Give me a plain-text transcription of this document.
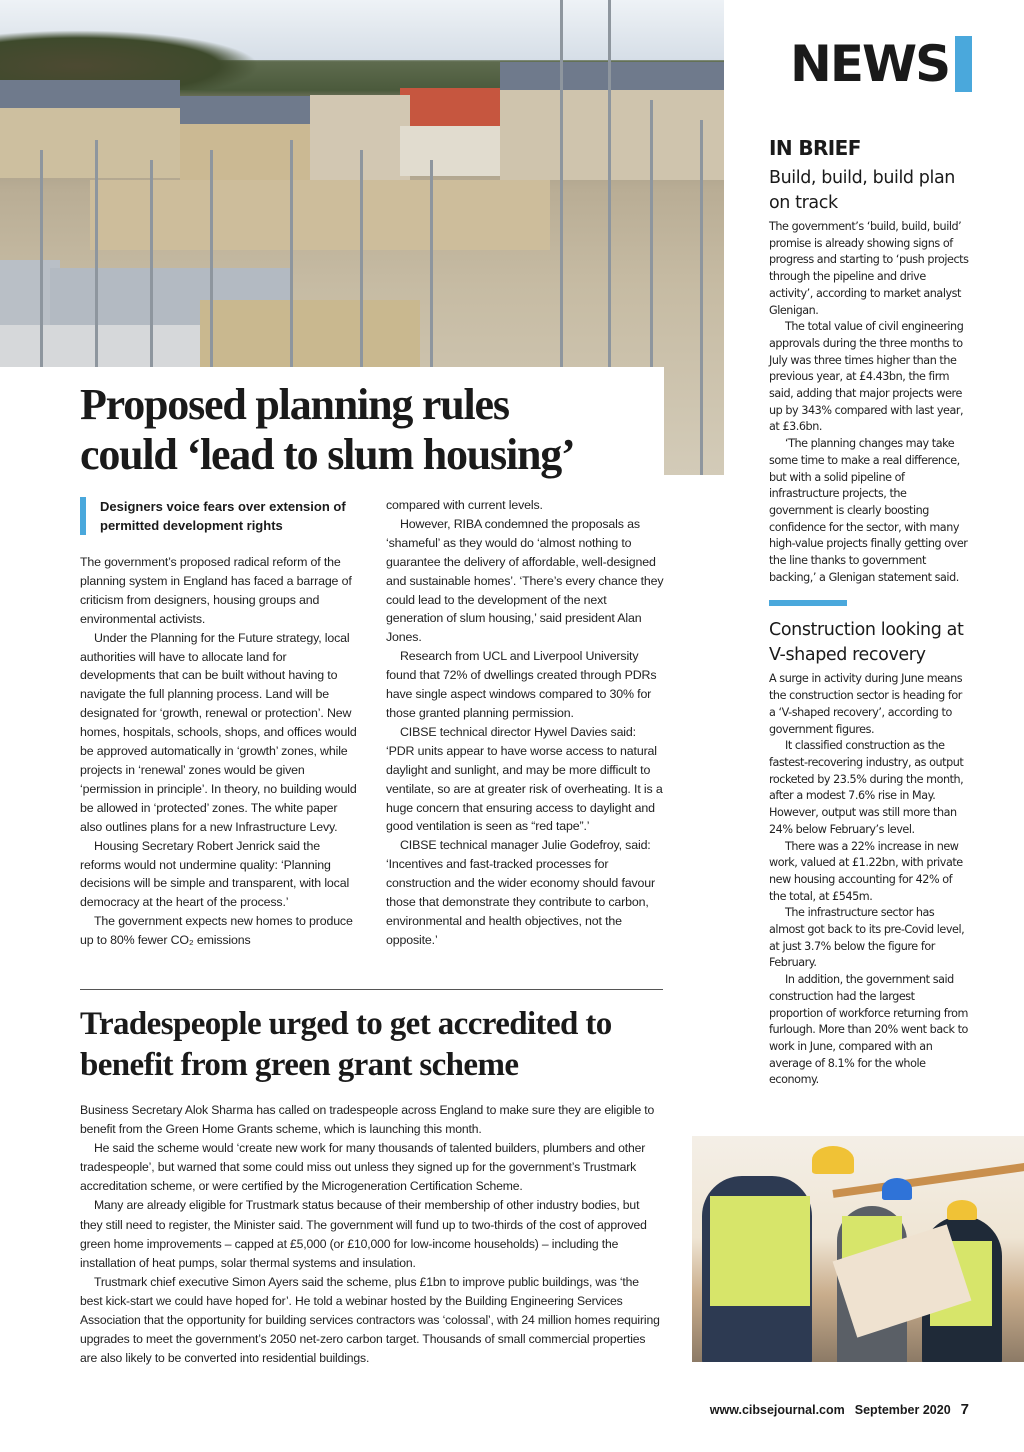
NEWS
Proposed planning rules
could ‘lead to slum housing’
Designers voice fears over extension of permitted development rights

The government’s proposed radical reform of the planning system in England has faced a barrage of criticism from designers, housing groups and environmental activists.

Under the Planning for the Future strategy, local authorities will have to allocate land for developments that can be built without having to navigate the full planning process. Land will be designated for ‘growth, renewal or protection’. New homes, hospitals, schools, shops, and offices would be approved automatically in ‘growth’ zones, while projects in ‘renewal’ zones would be given ‘permission in principle’. In theory, no building would be allowed in ‘protected’ zones. The white paper also outlines plans for a new Infrastructure Levy.

Housing Secretary Robert Jenrick said the reforms would not undermine quality: ‘Planning decisions will be simple and transparent, with local democracy at the heart of the process.’

The government expects new homes to produce up to 80% fewer CO₂ emissions

compared with current levels.

However, RIBA condemned the proposals as ‘shameful’ as they would do ‘almost nothing to guarantee the delivery of affordable, well-designed and sustainable homes’. ‘There’s every chance they could lead to the development of the next generation of slum housing,’ said president Alan Jones.

Research from UCL and Liverpool University found that 72% of dwellings created through PDRs have single aspect windows compared to 30% for those granted planning permission.

CIBSE technical director Hywel Davies said: ‘PDR units appear to have worse access to natural daylight and sunlight, and may be more difficult to ventilate, so are at greater risk of overheating. It is a huge concern that ensuring access to daylight and good ventilation is seen as “red tape”.’

CIBSE technical manager Julie Godefroy, said: ‘Incentives and fast-tracked processes for construction and the wider economy should favour those that demonstrate they contribute to carbon, environmental and health objectives, not the opposite.’

Tradespeople urged to get accredited to
benefit from green grant scheme

Business Secretary Alok Sharma has called on tradespeople across England to make sure they are eligible to benefit from the Green Home Grants scheme, which is launching this month.

He said the scheme would ‘create new work for many thousands of talented builders, plumbers and other tradespeople’, but warned that some could miss out unless they signed up for the government’s Trustmark accreditation scheme, or were certified by the Microgeneration Certification Scheme.

Many are already eligible for Trustmark status because of their membership of other industry bodies, but they still need to register, the Minister said. The government will fund up to two-thirds of the cost of approved green home improvements – capped at £5,000 (or £10,000 for low-income households) – including the installation of heat pumps, solar thermal systems and insulation.

Trustmark chief executive Simon Ayers said the scheme, plus £1bn to improve public buildings, was ‘the best kick-start we could have hoped for’. He told a webinar hosted by the Building Engineering Services Association that the opportunity for building services contractors was ‘colossal’, with 24 million homes requiring upgrades to meet the government’s 2050 net-zero carbon target. Thousands of small commercial properties are also likely to be converted into residential buildings.

IN BRIEF
Build, build, build plan on track

The government’s ‘build, build, build’ promise is already showing signs of progress and starting to ‘push projects through the pipeline and drive activity’, according to market analyst Glenigan.

The total value of civil engineering approvals during the three months to July was three times higher than the previous year, at £4.43bn, the firm said, adding that major projects were up by 343% compared with last year, at £3.6bn.

‘The planning changes may take some time to make a real difference, but with a solid pipeline of infrastructure projects, the government is clearly boosting confidence for the sector, with many high-value projects finally getting over the line thanks to government backing,’ a Glenigan statement said.

Construction looking at V-shaped recovery

A surge in activity during June means the construction sector is heading for a ‘V-shaped recovery’, according to government figures.

It classified construction as the fastest-recovering industry, as output rocketed by 23.5% during the month, after a modest 7.6% rise in May. However, output was still more than 24% below February’s level.

There was a 22% increase in new work, valued at £1.22bn, with private new housing accounting for 42% of the total, at £545m.

The infrastructure sector has almost got back to its pre-Covid level, at just 3.7% below the figure for February.

In addition, the government said construction had the largest proportion of workforce returning from furlough. More than 20% went back to work in June, compared with an average of 8.1% for the whole economy.

www.cibsejournal.com September 2020 7
